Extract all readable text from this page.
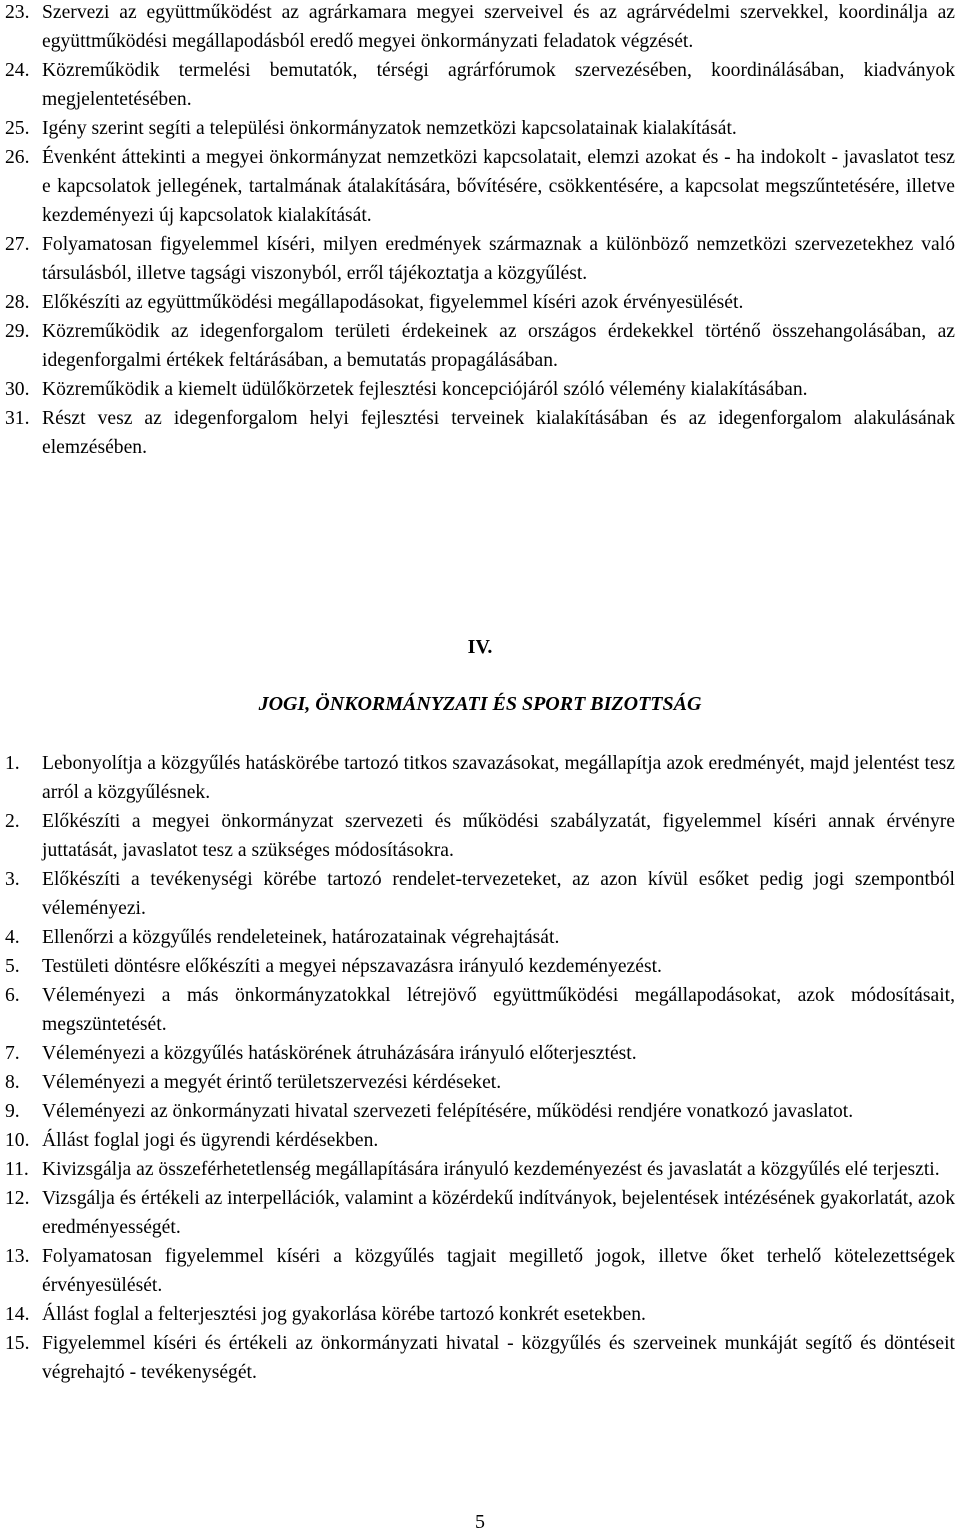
23. Szervezi az együttműködést az agrárkamara megyei szerveivel és az agrárvédelmi szervekkel, koordinálja az együttműködési megállapodásból eredő megyei önkormányzati feladatok végzését.
24. Közreműködik termelési bemutatók, térségi agrárfórumok szervezésében, koordinálásában, kiadványok megjelentetésében.
25. Igény szerint segíti a települési önkormányzatok nemzetközi kapcsolatainak kialakítását.
26. Évenként áttekinti a megyei önkormányzat nemzetközi kapcsolatait, elemzi azokat és - ha indokolt - javaslatot tesz e kapcsolatok jellegének, tartalmának átalakítására, bővítésére, csökkentésére, a kapcsolat megszűntetésére, illetve kezdeményezi új kapcsolatok kialakítását.
27. Folyamatosan figyelemmel kíséri, milyen eredmények származnak a különböző nemzetközi szervezetekhez való társulásból, illetve tagsági viszonyból, erről tájékoztatja a közgyűlést.
28. Előkészíti az együttműködési megállapodásokat, figyelemmel kíséri azok érvényesülését.
29. Közreműködik az idegenforgalom területi érdekeinek az országos érdekekkel történő összehangolásában, az idegenforgalmi értékek feltárásában, a bemutatás propagálásában.
30. Közreműködik a kiemelt üdülőkörzetek fejlesztési koncepciójáról szóló vélemény kialakításában.
31. Részt vesz az idegenforgalom helyi fejlesztési terveinek kialakításában és az idegenforgalom alakulásának elemzésében.
IV.
JOGI, ÖNKORMÁNYZATI ÉS SPORT BIZOTTSÁG
1. Lebonyolítja a közgyűlés hatáskörébe tartozó titkos szavazásokat, megállapítja azok eredményét, majd jelentést tesz arról a közgyűlésnek.
2. Előkészíti a megyei önkormányzat szervezeti és működési szabályzatát, figyelemmel kíséri annak érvényre juttatását, javaslatot tesz a szükséges módosításokra.
3. Előkészíti a tevékenységi körébe tartozó rendelet-tervezeteket, az azon kívül esőket pedig jogi szempontból véleményezi.
4. Ellenőrzi a közgyűlés rendeleteinek, határozatainak végrehajtását.
5. Testületi döntésre előkészíti a megyei népszavazásra irányuló kezdeményezést.
6. Véleményezi a más önkormányzatokkal létrejövő együttműködési megállapodásokat, azok módosításait, megszüntetését.
7. Véleményezi a közgyűlés hatáskörének átruházására irányuló előterjesztést.
8. Véleményezi a megyét érintő területszervezési kérdéseket.
9. Véleményezi az önkormányzati hivatal szervezeti felépítésére, működési rendjére vonatkozó javaslatot.
10. Állást foglal jogi és ügyrendi kérdésekben.
11. Kivizsgálja az összeférhetetlenség megállapítására irányuló kezdeményezést és javaslatát a közgyűlés elé terjeszti.
12. Vizsgálja és értékeli az interpellációk, valamint a közérdekű indítványok, bejelentések intézésének gyakorlatát, azok eredményességét.
13. Folyamatosan figyelemmel kíséri a közgyűlés tagjait megillető jogok, illetve őket terhelő kötelezettségek érvényesülését.
14. Állást foglal a felterjesztési jog gyakorlása körébe tartozó konkrét esetekben.
15. Figyelemmel kíséri és értékeli az önkormányzati hivatal - közgyűlés és szerveinek munkáját segítő és döntéseit végrehajtó - tevékenységét.
5
